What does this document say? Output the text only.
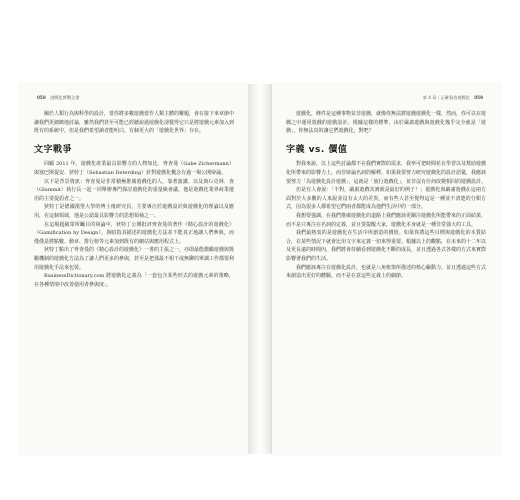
058 遊戲化實戰全書

關於人類行為與科學的設計，當你將多數遊戲當作人類主體的難題，會在接下來章節中讓我們更細緻地討論，雖然我們甚至可能已經聽說過遊戲化卻覺得它只是將遊戲元素加入到既有的系統中，但是我們希望讀者能明白，有個更大的「遊戲化世界」存在。

文字戰爭

回顧 2011 年，遊戲化產業最具影響力的人物如比．齊查曼（Gabe Zichermann）與塞巴斯提安．狄特丁（Sebastian Deterding）針對遊戲化概念有過一場公開辯論。

以下是背景資訊：齊查曼是非常積極推廣遊戲化的人，靠著演講、以及與Ｇ克林．查（Glummit）執行長一起一同舉辦專門探討遊戲化的重量級會議，他是遊戲化業界商業運用的主要提倡者之一。

狄特丁是德國漢堡大學的博士後研究員，主要專注於遊戲設計與遊戲化的理論以及應用，在這個領域，他是公認最具影響力的思想領袖之一。

在這場超級眾所矚目的辯論中，狄特丁公開批評齊查曼的著作《精心設計的遊戲化》（Gamification by Design），與暗指其描述的遊戲化方法並不能真正地讓人們參與，而僅僅是將點數、勳章、排行榜等元素加到既有的網站與應用程式上。

狄特丁點出了齊查曼的《精心設計的遊戲化》一書的主張之一，亦即最能激勵遊戲與獎勵機制的遊戲化方法為了讓人們更多的參與，甚至是把那最不相干或無聊的單調工作都要利用遊戲化手法來包裝。

BusinessDictionary.com 將遊戲化定義為「一套包含某些形式的遊戲元素的策略，在各種情境中改善使用者參與度」。

第 4 章｜正確看待遊戲化 059

遊戲化，條件是這種事物並非遊戲，就像你無法將遊戲遊戲化一樣，然而，你可以在遊戲之中運用遊戲的遊戲設計。根據這樣的標準，由於嚴肅遊戲與遊戲化幾乎完全就是「遊戲」，你無法真的讓它們遊戲化，對吧？

字義 vs. 價值

對我來說，以上這些討論都不在我們實際的需求，我寧可把時間花在學習以及幫助遊戲化所帶來的影響力上，而非辯論名詞的解釋。如果我要努力研究遊戲化的設計語彙，我應該要努力「為遊戲化設計遊戲」，這就是「旅行遊戲化」，並非沒有任何改變相同的遊戲設計。

但是有人會說：「不對，嚴肅遊戲其實就是最好的例子！」遊戲化與嚴肅遊戲在這兩方面對於大多數的人來說並沒有太大的差異，而有些人甚至覺得這是一種並不清楚的分類方式，因為很多人都希望它們兩者都能成為他們生活中的一部分。

我想要強調，在我們推廣遊戲化的道路上我們應該更關注遊戲化所能帶來的正面結果，而不是只專注在名詞的定義，並且要提醒大家，遊戲化本身就是一種非常強大的工具。

我們最熱衷的是遊戲化在生活中所創造的價值。如果你將這些目標與遊戲化的本質結合，在某些情況下就會比用文字來定義一切來得重要。根據以上的觀點，在未來的十二年以及更長遠的時間內，我們將會持續看到遊戲化不斷的成長，並且透過各式各樣的方式來實際影響著我們的生活。

我們應該專注在遊戲化設計，也就是八角框架所描述的核心驅動力，並且透過這些方式來創造出更好的體驗，而不是在意這些定義上的細節。
